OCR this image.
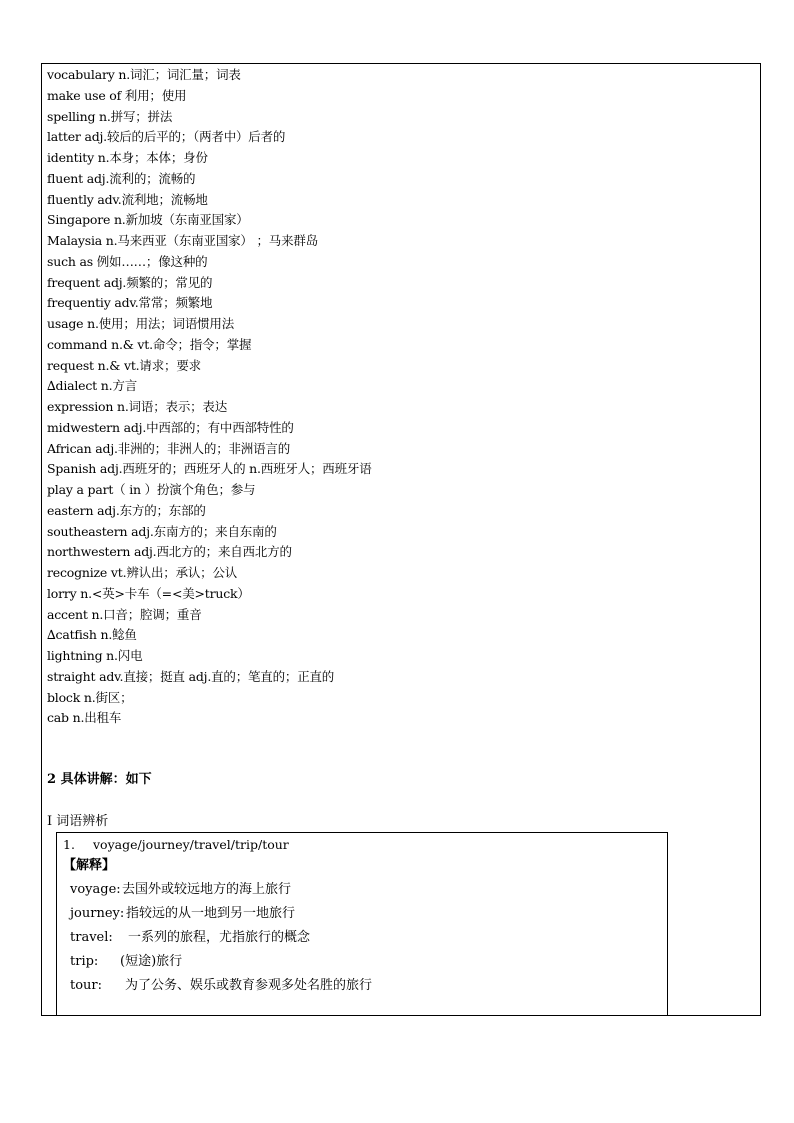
vocabulary n.词汇；词汇量；词表
make use of 利用；使用
spelling n.拼写；拼法
latter adj.较后的后平的；（两者中）后者的
identity n.本身；本体；身份
fluent adj.流利的；流畅的
fluently adv.流利地；流畅地
Singapore n.新加坡（东南亚国家）
Malaysia n.马来西亚（东南亚国家） ；马来群岛
such as 例如……；像这种的
frequent adj.频繁的；常见的
frequentiy adv.常常；频繁地
usage n.使用；用法；词语惯用法
command n.& vt.命令；指令；掌握
request n.& vt.请求；要求
∆dialect n.方言
expression n.词语；表示；表达
midwestern adj.中西部的；有中西部特性的
African adj.非洲的；非洲人的；非洲语言的
Spanish adj.西班牙的；西班牙人的 n.西班牙人；西班牙语
play a part（ in ）扮演个角色；参与
eastern adj.东方的；东部的
southeastern adj.东南方的；来自东南的
northwestern adj.西北方的；来自西北方的
recognize vt.辨认出；承认；公认
lorry n.<英>卡车（=<美>truck）
accent n.口音；腔调；重音
∆catfish n.鲶鱼
lightning n.闪电
straight adv.直接；挺直 adj.直的；笔直的；正直的
block n.街区；
cab n.出租车
2 具体讲解：如下
I 词语辨析
1. voyage/journey/travel/trip/tour
【解释】
voyage:去国外或较远地方的海上旅行
journey: 指较远的从一地到另一地旅行
travel: 一系列的旅程，尤指旅行的概念
trip: (短途)旅行
tour: 为了公务、娱乐或教育参观多处名胜的旅行
